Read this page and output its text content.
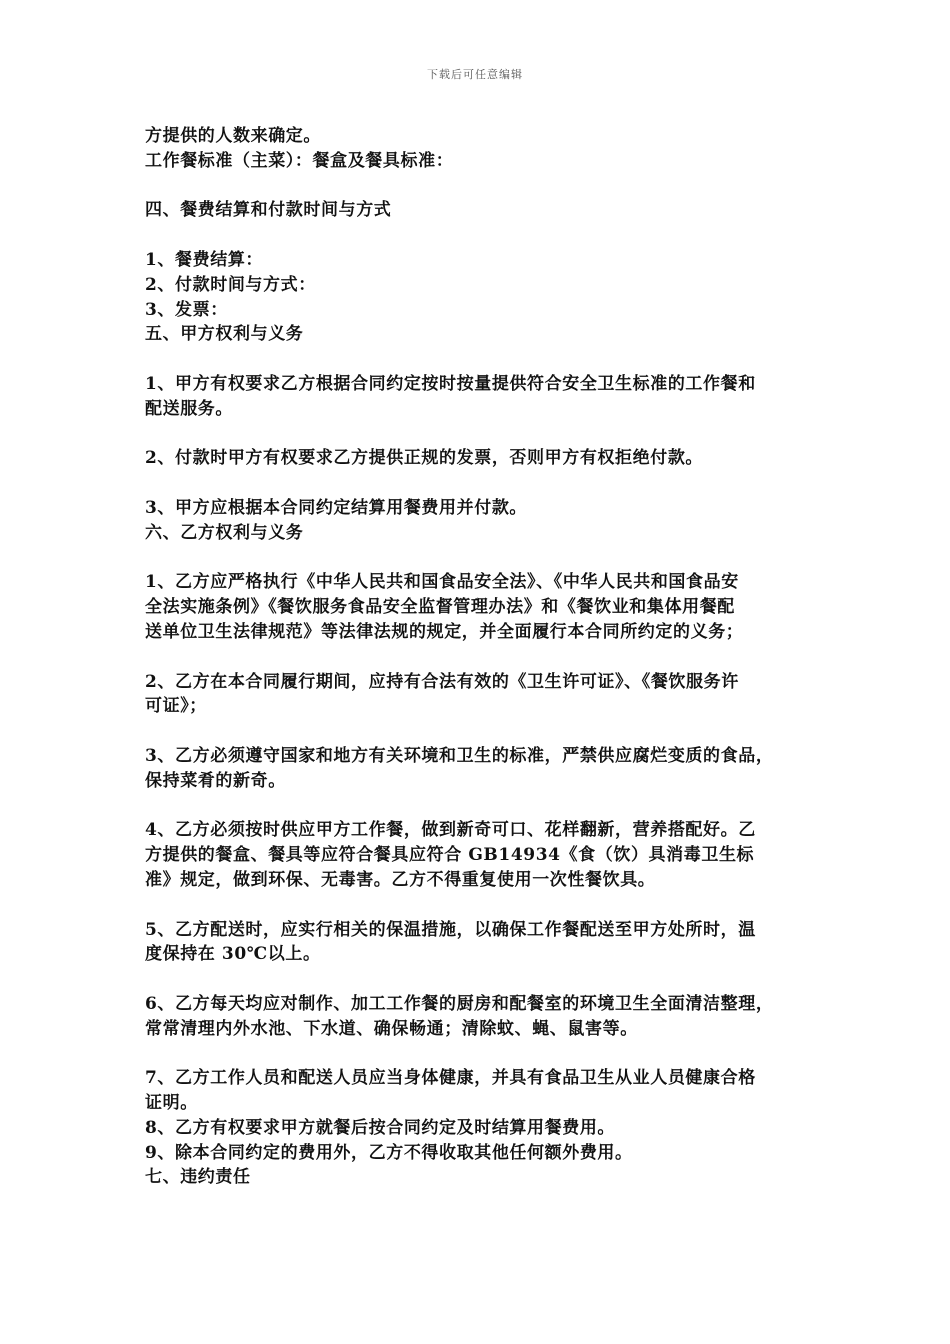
下载后可任意编辑
方提供的人数来确定。
工作餐标准（主菜）：餐盒及餐具标准：
四、餐费结算和付款时间与方式
1、餐费结算：
2、付款时间与方式：
3、发票：
五、甲方权利与义务
1、甲方有权要求乙方根据合同约定按时按量提供符合安全卫生标准的工作餐和
配送服务。
2、付款时甲方有权要求乙方提供正规的发票，否则甲方有权拒绝付款。
3、甲方应根据本合同约定结算用餐费用并付款。
六、乙方权利与义务
1、乙方应严格执行《中华人民共和国食品安全法》、《中华人民共和国食品安
全法实施条例》《餐饮服务食品安全监督管理办法》和《餐饮业和集体用餐配
送单位卫生法律规范》等法律法规的规定，并全面履行本合同所约定的义务；
2、乙方在本合同履行期间，应持有合法有效的《卫生许可证》、《餐饮服务许
可证》；
3、乙方必须遵守国家和地方有关环境和卫生的标准，严禁供应腐烂变质的食品，
保持菜肴的新奇。
4、乙方必须按时供应甲方工作餐，做到新奇可口、花样翻新，营养搭配好。乙
方提供的餐盒、餐具等应符合餐具应符合 GB14934《食（饮）具消毒卫生标
准》规定，做到环保、无毒害。乙方不得重复使用一次性餐饮具。
5、乙方配送时，应实行相关的保温措施，以确保工作餐配送至甲方处所时，温
度保持在 30℃以上。
6、乙方每天均应对制作、加工工作餐的厨房和配餐室的环境卫生全面清洁整理，
常常清理内外水池、下水道、确保畅通；清除蚊、蝇、鼠害等。
7、乙方工作人员和配送人员应当身体健康，并具有食品卫生从业人员健康合格
证明。
8、乙方有权要求甲方就餐后按合同约定及时结算用餐费用。
9、除本合同约定的费用外，乙方不得收取其他任何额外费用。
七、违约责任
